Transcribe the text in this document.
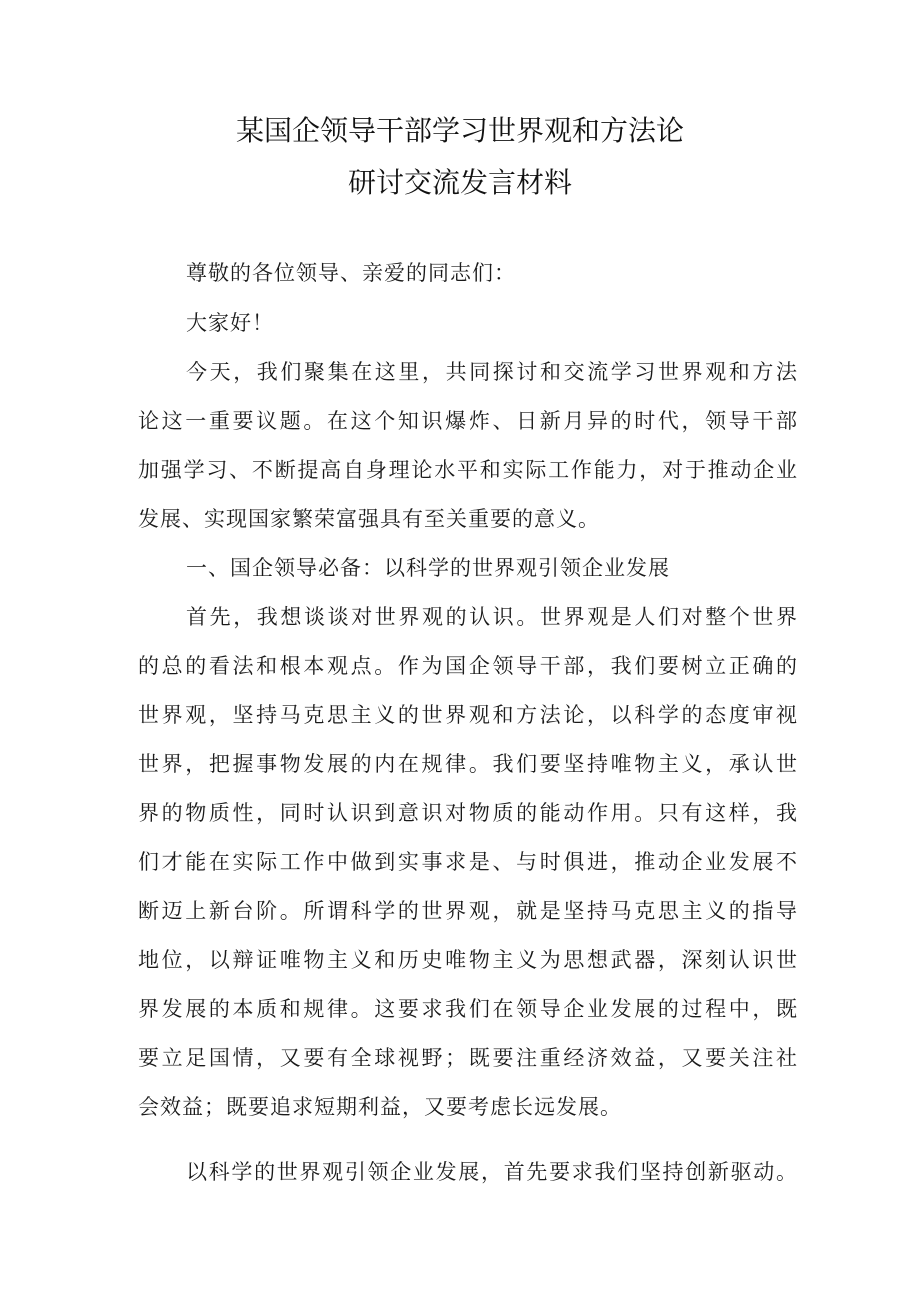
某国企领导干部学习世界观和方法论
研讨交流发言材料
尊敬的各位领导、亲爱的同志们：
大家好！
今天，我们聚集在这里，共同探讨和交流学习世界观和方法
论这一重要议题。在这个知识爆炸、日新月异的时代，领导干部
加强学习、不断提高自身理论水平和实际工作能力，对于推动企业
发展、实现国家繁荣富强具有至关重要的意义。
一、国企领导必备：以科学的世界观引领企业发展
首先，我想谈谈对世界观的认识。世界观是人们对整个世界
的总的看法和根本观点。作为国企领导干部，我们要树立正确的
世界观，坚持马克思主义的世界观和方法论，以科学的态度审视
世界，把握事物发展的内在规律。我们要坚持唯物主义，承认世
界的物质性，同时认识到意识对物质的能动作用。只有这样，我
们才能在实际工作中做到实事求是、与时俱进，推动企业发展不
断迈上新台阶。所谓科学的世界观，就是坚持马克思主义的指导
地位，以辩证唯物主义和历史唯物主义为思想武器，深刻认识世
界发展的本质和规律。这要求我们在领导企业发展的过程中，既
要立足国情，又要有全球视野；既要注重经济效益，又要关注社
会效益；既要追求短期利益，又要考虑长远发展。
以科学的世界观引领企业发展，首先要求我们坚持创新驱动。
